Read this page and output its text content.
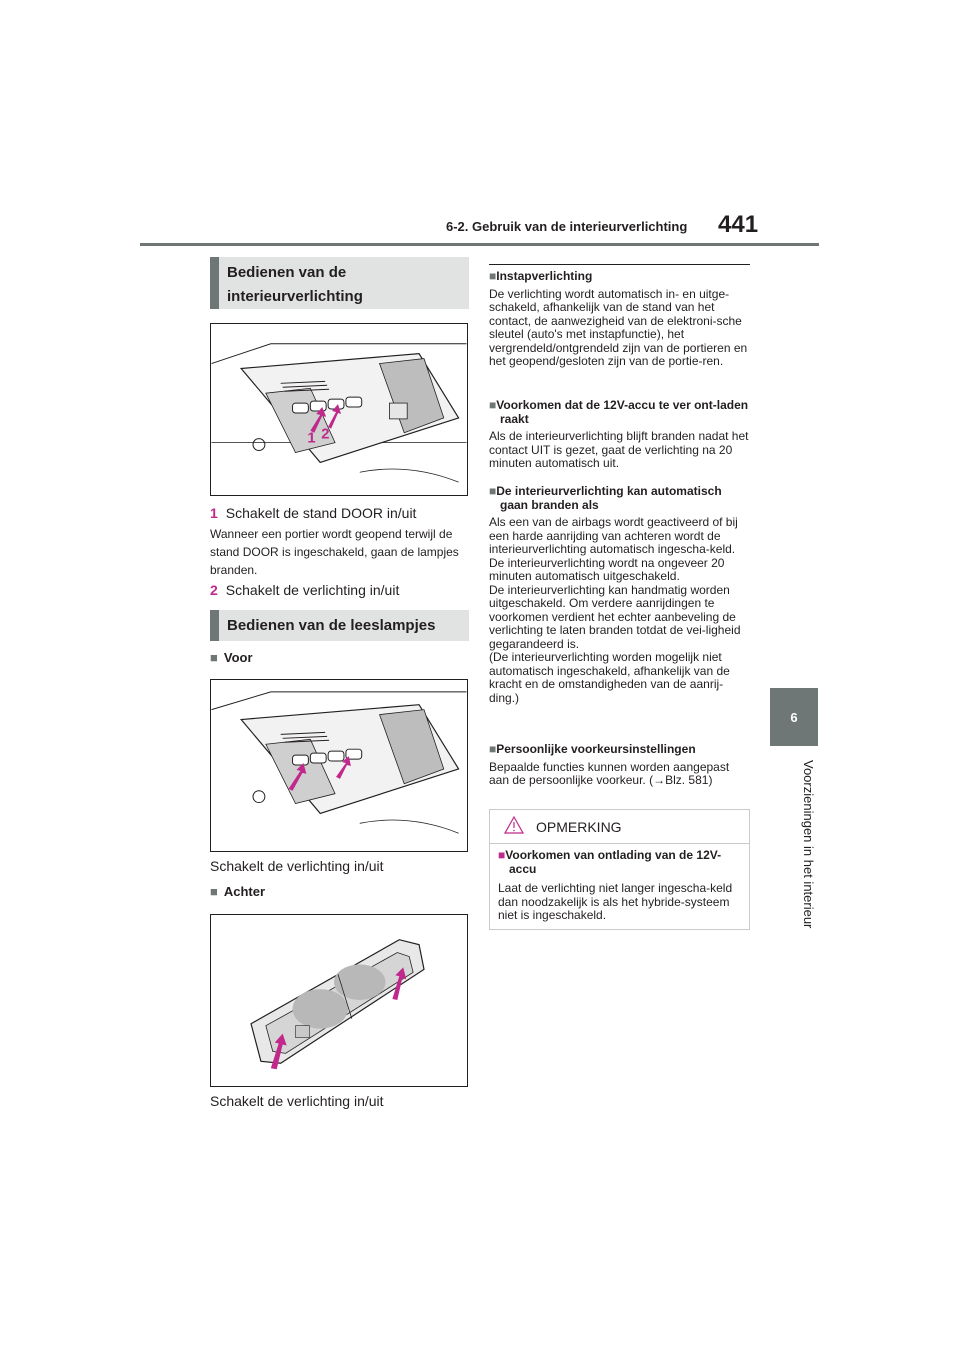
6-2. Gebruik van de interieurverlichting 441
6
Voorzieningen in het interieur
Bedienen van de interieurverlichting
1 2
1 Schakelt de stand DOOR in/uit
Wanneer een portier wordt geopend terwijl de stand DOOR is ingeschakeld, gaan de lampjes branden.
2 Schakelt de verlichting in/uit
Bedienen van de leeslampjes
■ Voor
Schakelt de verlichting in/uit
■ Achter
Schakelt de verlichting in/uit

■Instapverlichting

De verlichting wordt automatisch in- en uitge-schakeld, afhankelijk van de stand van het contact, de aanwezigheid van de elektroni-sche sleutel (auto's met instapfunctie), het vergrendeld/ontgrendeld zijn van de portieren en het geopend/gesloten zijn van de portie-ren.

■Voorkomen dat de 12V-accu te ver ont-laden raakt

Als de interieurverlichting blijft branden nadat het contact UIT is gezet, gaat de verlichting na 20 minuten automatisch uit.

■De interieurverlichting kan automatisch gaan branden als

Als een van de airbags wordt geactiveerd of bij een harde aanrijding van achteren wordt de interieurverlichting automatisch ingescha-keld.
De interieurverlichting wordt na ongeveer 20 minuten automatisch uitgeschakeld.
De interieurverlichting kan handmatig worden uitgeschakeld. Om verdere aanrijdingen te voorkomen verdient het echter aanbeveling de verlichting te laten branden totdat de vei-ligheid gegarandeerd is.
(De interieurverlichting worden mogelijk niet automatisch ingeschakeld, afhankelijk van de kracht en de omstandigheden van de aanrij-ding.)

■Persoonlijke voorkeursinstellingen

Bepaalde functies kunnen worden aangepast aan de persoonlijke voorkeur. (→Blz. 581)

OPMERKING

■Voorkomen van ontlading van de 12V-accu

Laat de verlichting niet langer ingescha-keld dan noodzakelijk is als het hybride-systeem niet is ingeschakeld.
